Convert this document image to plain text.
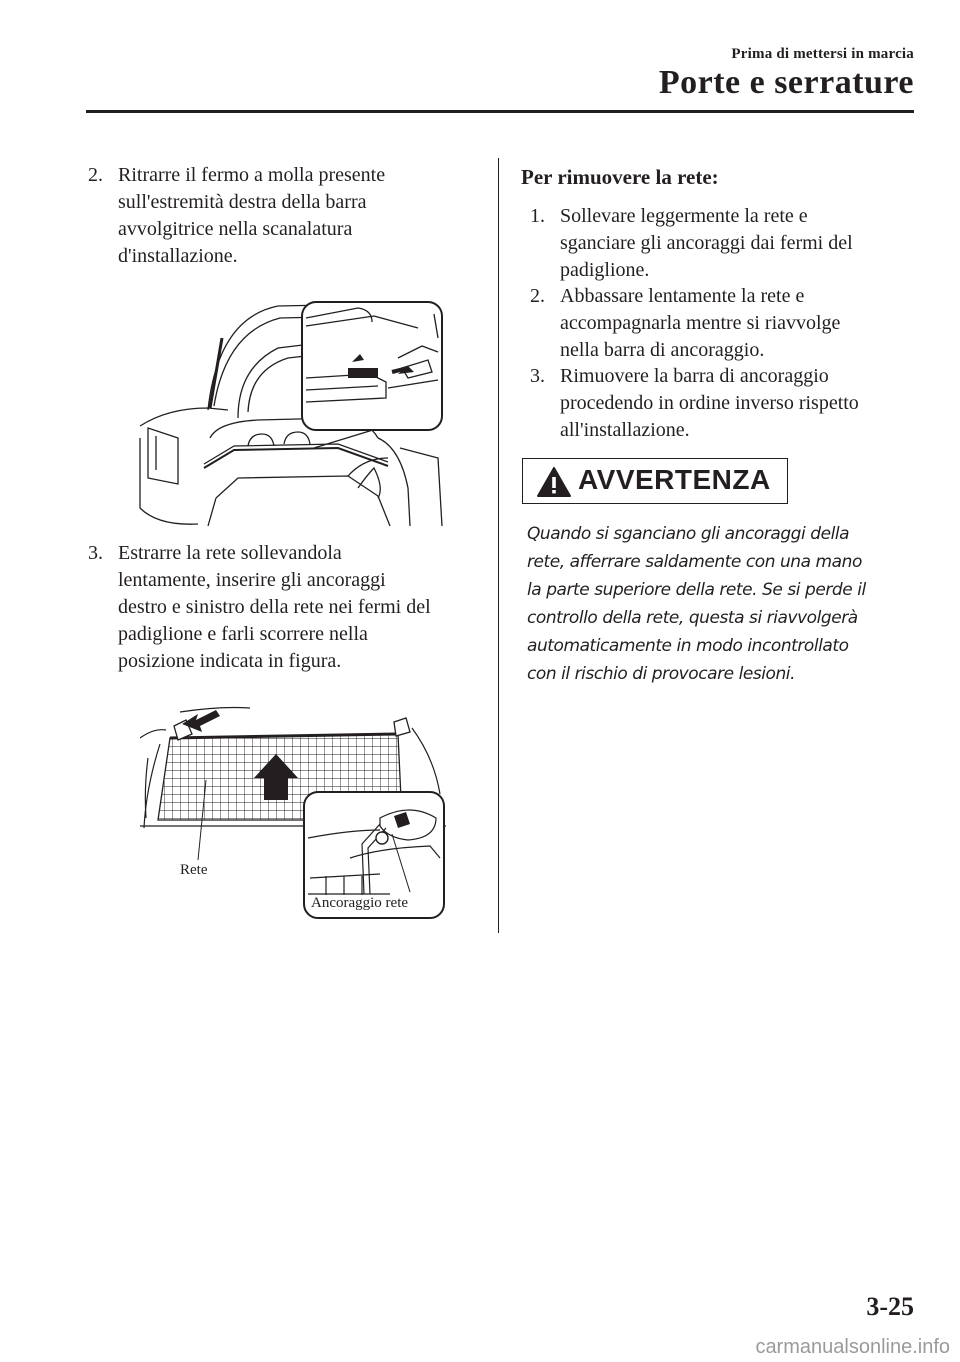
Prima di mettersi in marcia
Porte e serrature
2. Ritrarre il fermo a molla presente
sull'estremità destra della barra
avvolgitrice nella scanalatura
d'installazione.
3. Estrarre la rete sollevandola
lentamente, inserire gli ancoraggi
destro e sinistro della rete nei fermi del
padiglione e farli scorrere nella
posizione indicata in figura.
Rete
Ancoraggio rete
Per rimuovere la rete:
1. Sollevare leggermente la rete e
sganciare gli ancoraggi dai fermi del
padiglione.
2. Abbassare lentamente la rete e
accompagnarla mentre si riavvolge
nella barra di ancoraggio.
3. Rimuovere la barra di ancoraggio
procedendo in ordine inverso rispetto
all'installazione.
AVVERTENZA
Quando si sganciano gli ancoraggi della
rete, afferrare saldamente con una mano
la parte superiore della rete. Se si perde il
controllo della rete, questa si riavvolgerà
automaticamente in modo incontrollato
con il rischio di provocare lesioni.
3-25
carmanualsonline.info
